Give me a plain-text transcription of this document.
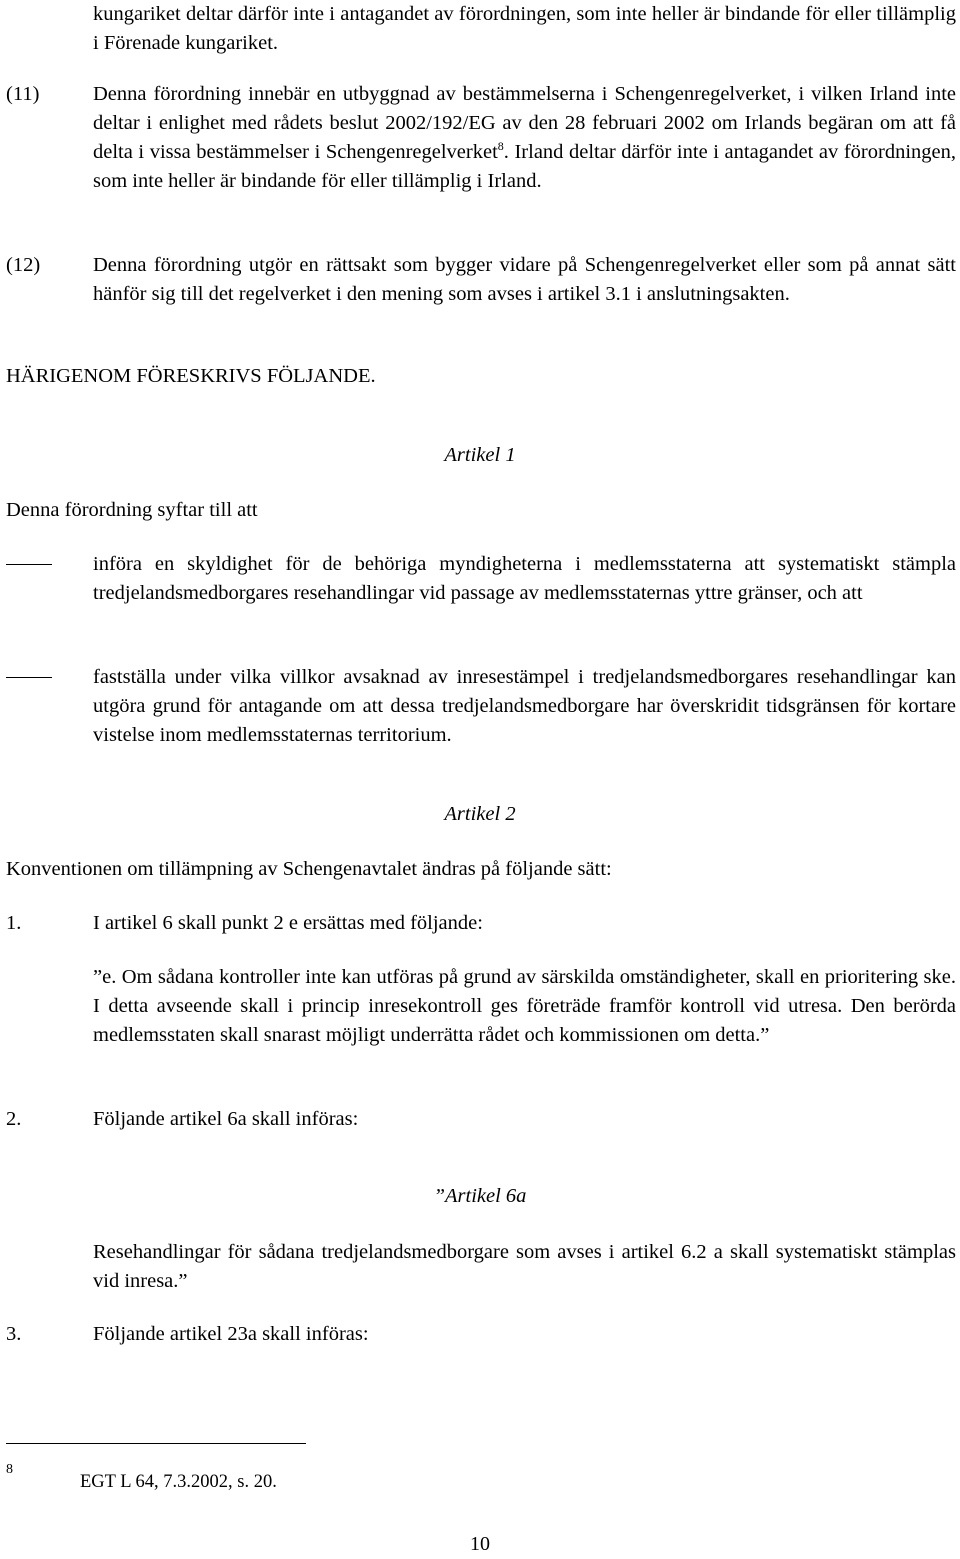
kungariket deltar därför inte i antagandet av förordningen, som inte heller är bindande för eller tillämplig i Förenade kungariket.

(11)	Denna förordning innebär en utbyggnad av bestämmelserna i Schengenregelverket, i vilken Irland inte deltar i enlighet med rådets beslut 2002/192/EG av den 28 februari 2002 om Irlands begäran om att få delta i vissa bestämmelser i Schengenregelverket$^8$. Irland deltar därför inte i antagandet av förordningen, som inte heller är bindande för eller tillämplig i Irland.

(12)	Denna förordning utgör en rättsakt som bygger vidare på Schengenregelverket eller som på annat sätt hänför sig till det regelverket i den mening som avses i artikel 3.1 i anslutningsakten.

HÄRIGENOM FÖRESKRIVS FÖLJANDE.

Artikel 1

Denna förordning syftar till att

införa en skyldighet för de behöriga myndigheterna i medlemsstaterna att systematiskt stämpla tredjelandsmedborgares resehandlingar vid passage av medlemsstaternas yttre gränser, och att

fastställa under vilka villkor avsaknad av inresestämpel i tredjelandsmedborgares resehandlingar kan utgöra grund för antagande om att dessa tredjelandsmedborgare har överskridit tidsgränsen för kortare vistelse inom medlemsstaternas territorium.

Artikel 2

Konventionen om tillämpning av Schengenavtalet ändras på följande sätt:

1.	I artikel 6 skall punkt 2 e ersättas med följande:

”e. Om sådana kontroller inte kan utföras på grund av särskilda omständigheter, skall en prioritering ske. I detta avseende skall i princip inresekontroll ges företräde framför kontroll vid utresa. Den berörda medlemsstaten skall snarast möjligt underrätta rådet och kommissionen om detta.”

2.	Följande artikel 6a skall införas:

”Artikel 6a

Resehandlingar för sådana tredjelandsmedborgare som avses i artikel 6.2 a skall systematiskt stämplas vid inresa.”

3.	Följande artikel 23a skall införas:

8
EGT L 64, 7.3.2002, s. 20.
10
